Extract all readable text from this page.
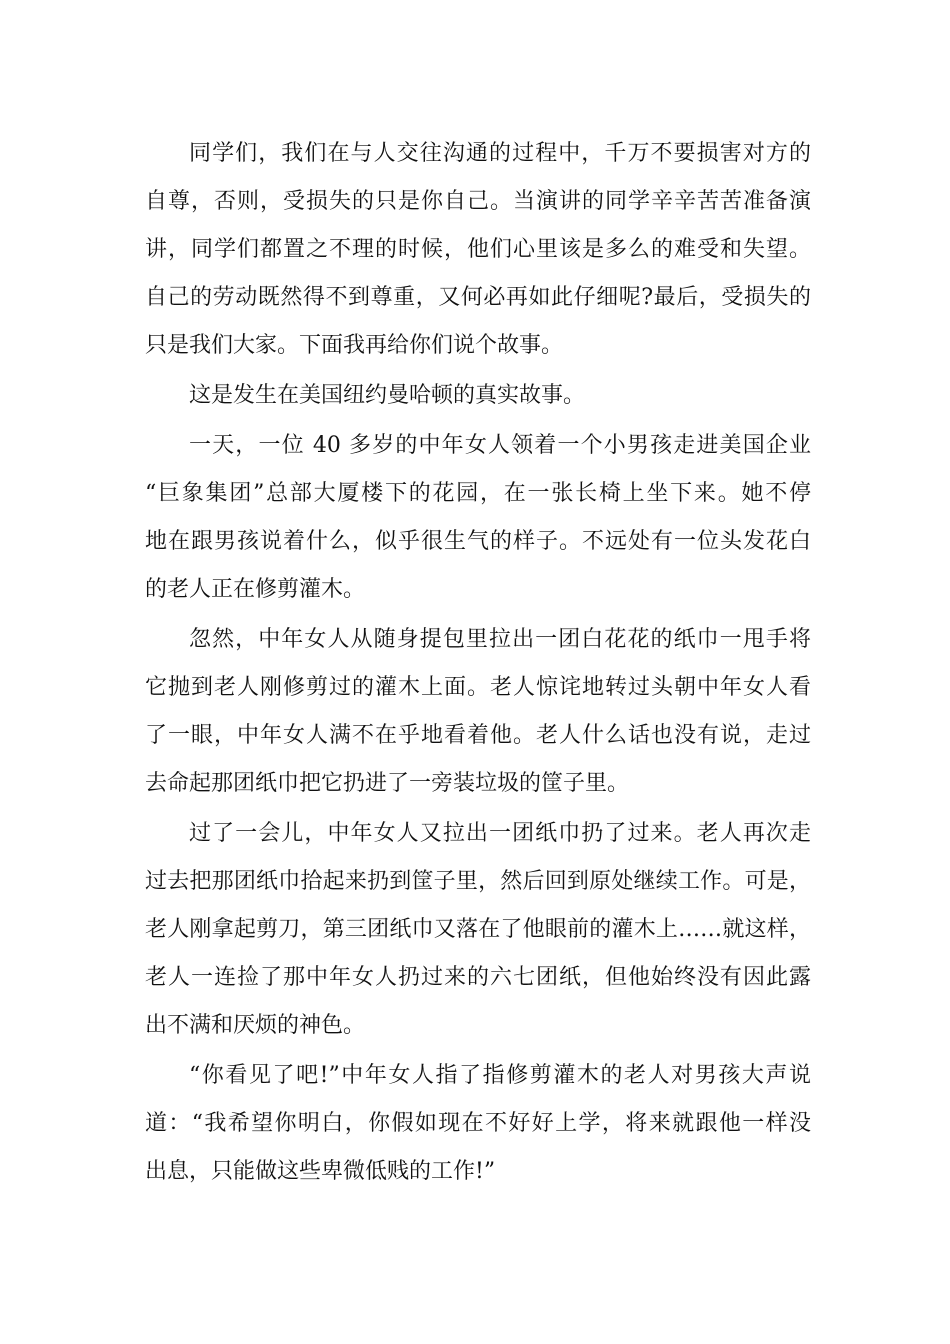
同学们，我们在与人交往沟通的过程中，千万不要损害对方的
自尊，否则，受损失的只是你自己。当演讲的同学辛辛苦苦准备演
讲，同学们都置之不理的时候，他们心里该是多么的难受和失望。
自己的劳动既然得不到尊重，又何必再如此仔细呢?最后，受损失的
只是我们大家。下面我再给你们说个故事。
这是发生在美国纽约曼哈顿的真实故事。
一天，一位 40 多岁的中年女人领着一个小男孩走进美国企业
“巨象集团”总部大厦楼下的花园，在一张长椅上坐下来。她不停
地在跟男孩说着什么，似乎很生气的样子。不远处有一位头发花白
的老人正在修剪灌木。
忽然，中年女人从随身提包里拉出一团白花花的纸巾一甩手将
它抛到老人刚修剪过的灌木上面。老人惊诧地转过头朝中年女人看
了一眼，中年女人满不在乎地看着他。老人什么话也没有说，走过
去命起那团纸巾把它扔进了一旁装垃圾的筐子里。
过了一会儿，中年女人又拉出一团纸巾扔了过来。老人再次走
过去把那团纸巾拾起来扔到筐子里，然后回到原处继续工作。可是，
老人刚拿起剪刀，第三团纸巾又落在了他眼前的灌木上……就这样，
老人一连捡了那中年女人扔过来的六七团纸，但他始终没有因此露
出不满和厌烦的神色。
“你看见了吧!”中年女人指了指修剪灌木的老人对男孩大声说
道：“我希望你明白，你假如现在不好好上学，将来就跟他一样没
出息，只能做这些卑微低贱的工作!”
